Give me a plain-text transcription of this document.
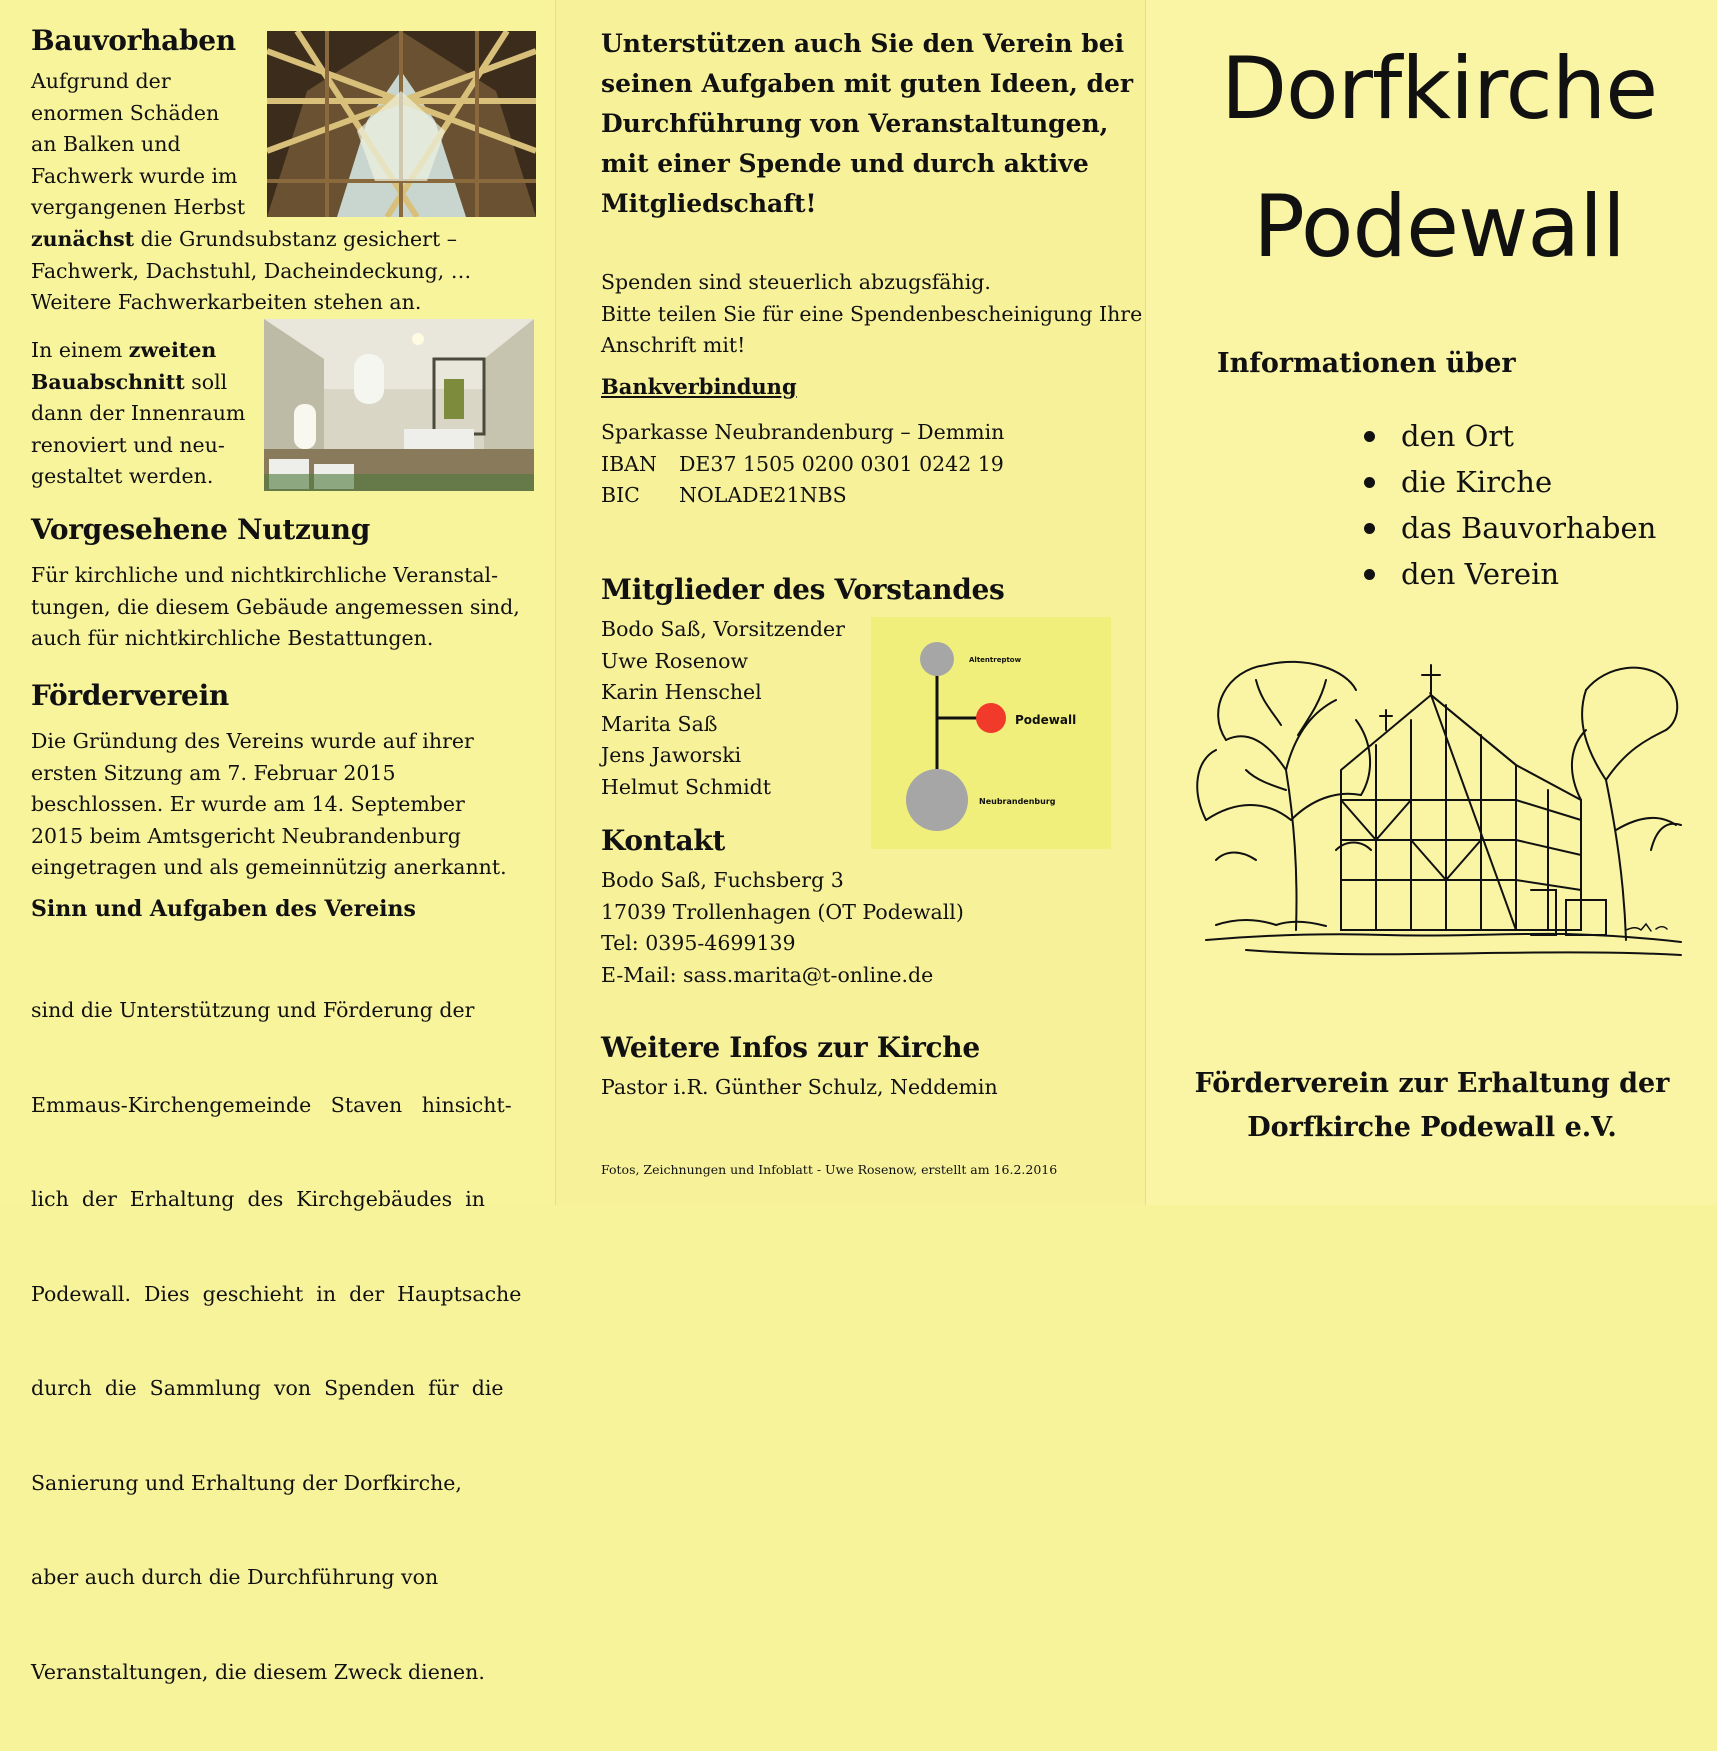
Bauvorhaben
Aufgrund der
enormen Schäden
an Balken und
Fachwerk wurde im
vergangenen Herbst
zunächst die Grundsubstanz gesichert –
Fachwerk, Dachstuhl, Dacheindeckung, …
Weitere Fachwerkarbeiten stehen an.
In einem zweiten
Bauabschnitt soll
dann der Innenraum
renoviert und neu-
gestaltet werden.
Vorgesehene Nutzung
Für kirchliche und nichtkirchliche Veranstal-
tungen, die diesem Gebäude angemessen sind,
auch für nichtkirchliche Bestattungen.
Förderverein
Die Gründung des Vereins wurde auf ihrer
ersten Sitzung am 7. Februar 2015
beschlossen. Er wurde am 14. September
2015 beim Amtsgericht Neubrandenburg
eingetragen und als gemeinnützig anerkannt.
Sinn und Aufgaben des Vereins

sind die Unterstützung und Förderung der

Emmaus-Kirchengemeinde   Staven   hinsicht-

lich  der  Erhaltung  des  Kirchgebäudes  in

Podewall.  Dies  geschieht  in  der  Hauptsache

durch  die  Sammlung  von  Spenden  für  die

Sanierung und Erhaltung der Dorfkirche,

aber auch durch die Durchführung von

Veranstaltungen, die diesem Zweck dienen.

Unterstützen auch Sie den Verein bei

seinen Aufgaben mit guten Ideen, der

Durchführung von Veranstaltungen,

mit einer Spende und durch aktive

Mitgliedschaft!

Spenden sind steuerlich abzugsfähig.
Bitte teilen Sie für eine Spendenbescheinigung Ihre
Anschrift mit!
Bankverbindung
Sparkasse Neubrandenburg – Demmin
IBAN	DE37 1505 0200 0301 0242 19
BIC	NOLADE21NBS
Mitglieder des Vorstandes
Bodo Saß, Vorsitzender
Uwe Rosenow
Karin Henschel
Marita Saß
Jens Jaworski
Helmut Schmidt
Altentreptow
Podewall
Neubrandenburg
Kontakt
Bodo Saß, Fuchsberg 3
17039 Trollenhagen (OT Podewall)
Tel: 0395-4699139
E-Mail: sass.marita@t-online.de
Weitere Infos zur Kirche
Pastor i.R. Günther Schulz, Neddemin
Fotos, Zeichnungen und Infoblatt - Uwe Rosenow, erstellt am 16.2.2016
Dorfkirche
Podewall
Informationen über
den Ort
die Kirche
das Bauvorhaben
den Verein
Förderverein zur Erhaltung der
Dorfkirche Podewall e.V.
